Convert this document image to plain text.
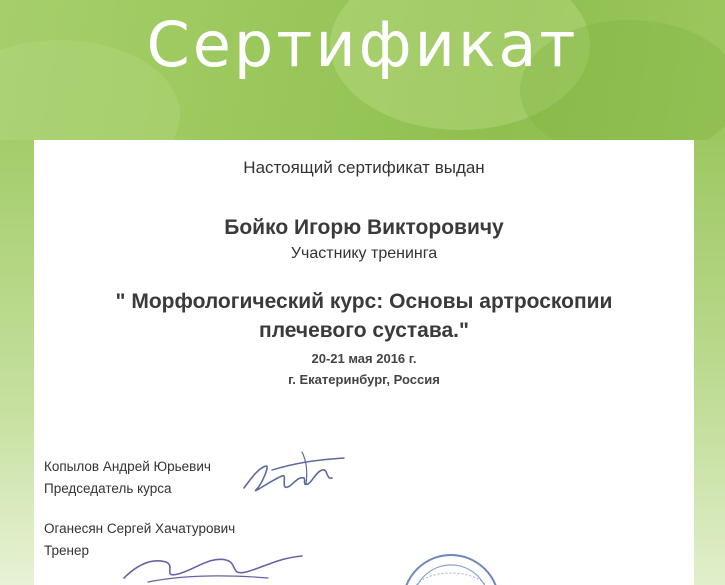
Сертификат
Настоящий сертификат выдан
Бойко Игорю Викторовичу
Участнику тренинга
" Морфологический курс: Основы артроскопии
плечевого сустава."
20-21 мая 2016 г.
г. Екатеринбург, Россия
Копылов Андрей Юрьевич
Председатель курса
Оганесян Сергей Хачатурович
Тренер
